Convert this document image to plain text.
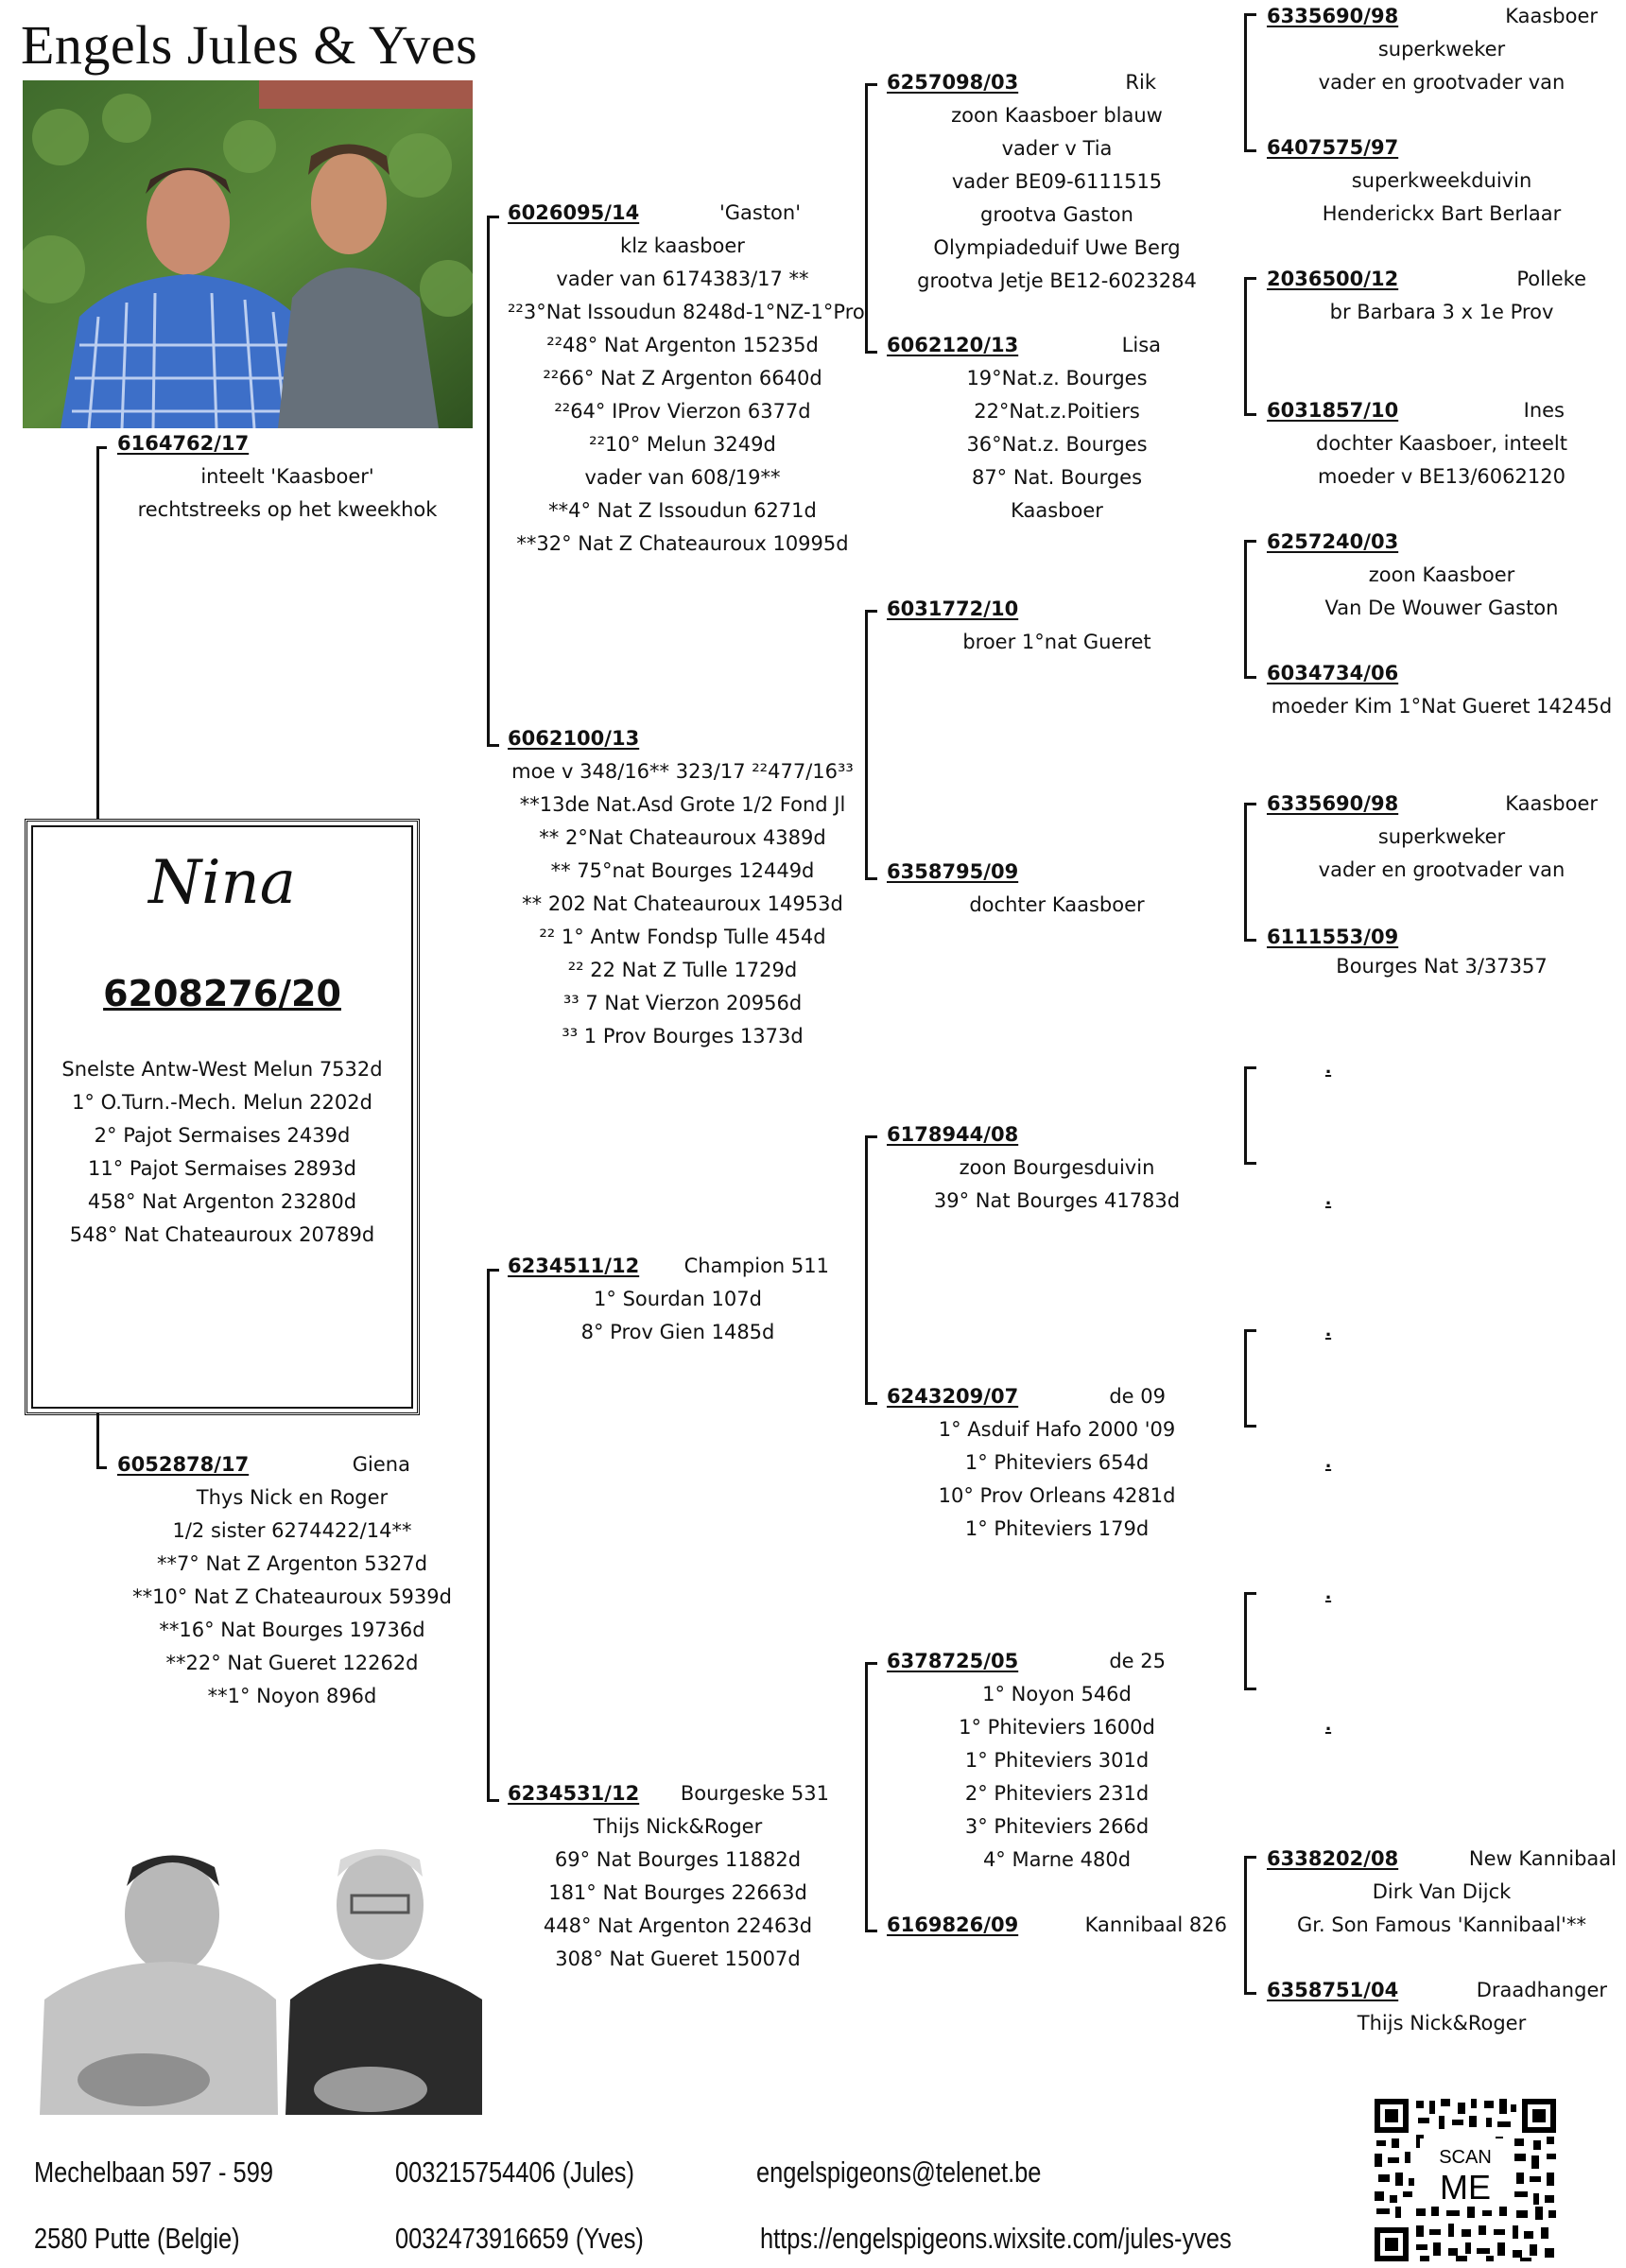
Engels Jules & Yves
Nina
6208276/20
Snelste Antw-West Melun 7532d
1° O.Turn.-Mech. Melun 2202d
2° Pajot Sermaises 2439d
11° Pajot Sermaises 2893d
458° Nat Argenton 23280d
548° Nat Chateauroux 20789d
6164762/17
inteelt 'Kaasboer'
rechtstreeks op het kweekhok
6052878/17	Giena
Thys Nick en Roger
1/2 sister 6274422/14**
**7° Nat Z Argenton 5327d
**10° Nat Z Chateauroux 5939d
**16° Nat Bourges 19736d
**22° Nat Gueret 12262d
**1° Noyon 896d
6026095/14	'Gaston'
klz kaasboer
vader van 6174383/17 **
²²3°Nat Issoudun 8248d-1°NZ-1°Pro
²²48° Nat Argenton 15235d
²²66° Nat Z Argenton 6640d
²²64° IProv Vierzon 6377d
²²10° Melun 3249d
vader van 608/19**
**4° Nat Z Issoudun 6271d
**32° Nat Z Chateauroux 10995d
6062100/13
moe v 348/16** 323/17 ²²477/16³³
**13de Nat.Asd Grote 1/2 Fond Jl
** 2°Nat Chateauroux 4389d
** 75°nat Bourges 12449d
** 202 Nat Chateauroux 14953d
²² 1° Antw Fondsp Tulle 454d
²² 22 Nat Z Tulle 1729d
³³ 7 Nat Vierzon 20956d
³³ 1 Prov Bourges 1373d
6234511/12	Champion 511
1° Sourdan 107d
8° Prov Gien 1485d
6234531/12	Bourgeske 531
Thijs Nick&Roger
69° Nat Bourges 11882d
181° Nat Bourges 22663d
448° Nat Argenton 22463d
308° Nat Gueret 15007d
6257098/03	Rik
zoon Kaasboer blauw
vader v Tia
vader BE09-6111515
grootva Gaston
Olympiadeduif Uwe Berg
grootva Jetje BE12-6023284
6062120/13	Lisa
19°Nat.z. Bourges
22°Nat.z.Poitiers
36°Nat.z. Bourges
87° Nat. Bourges
Kaasboer
6031772/10
broer 1°nat Gueret
6358795/09
dochter Kaasboer
6178944/08
zoon Bourgesduivin
39° Nat Bourges 41783d
6243209/07	de 09
1° Asduif Hafo 2000 '09
1° Phiteviers 654d
10° Prov Orleans 4281d
1° Phiteviers 179d
6378725/05	de 25
1° Noyon 546d
1° Phiteviers 1600d
1° Phiteviers 301d
2° Phiteviers 231d
3° Phiteviers 266d
4° Marne 480d
6169826/09	Kannibaal 826
6335690/98	Kaasboer
superkweker
vader en grootvader van
6407575/97
superkweekduivin
Henderickx Bart Berlaar
2036500/12	Polleke
br Barbara 3 x 1e Prov
6031857/10	Ines
dochter Kaasboer, inteelt
moeder v BE13/6062120
6257240/03
zoon Kaasboer
Van De Wouwer Gaston
6034734/06
moeder Kim 1°Nat Gueret 14245d
6335690/98	Kaasboer
superkweker
vader en grootvader van
6111553/09
Bourges Nat 3/37357
.
.
.
.
.
.
6338202/08	New Kannibaal
Dirk Van Dijck
Gr. Son Famous 'Kannibaal'**
6358751/04	Draadhanger
Thijs Nick&Roger
Mechelbaan 597 - 599
2580 Putte (Belgie)
003215754406 (Jules)
0032473916659 (Yves)
engelspigeons@telenet.be
https://engelspigeons.wixsite.com/jules-yves
SCAN
ME
